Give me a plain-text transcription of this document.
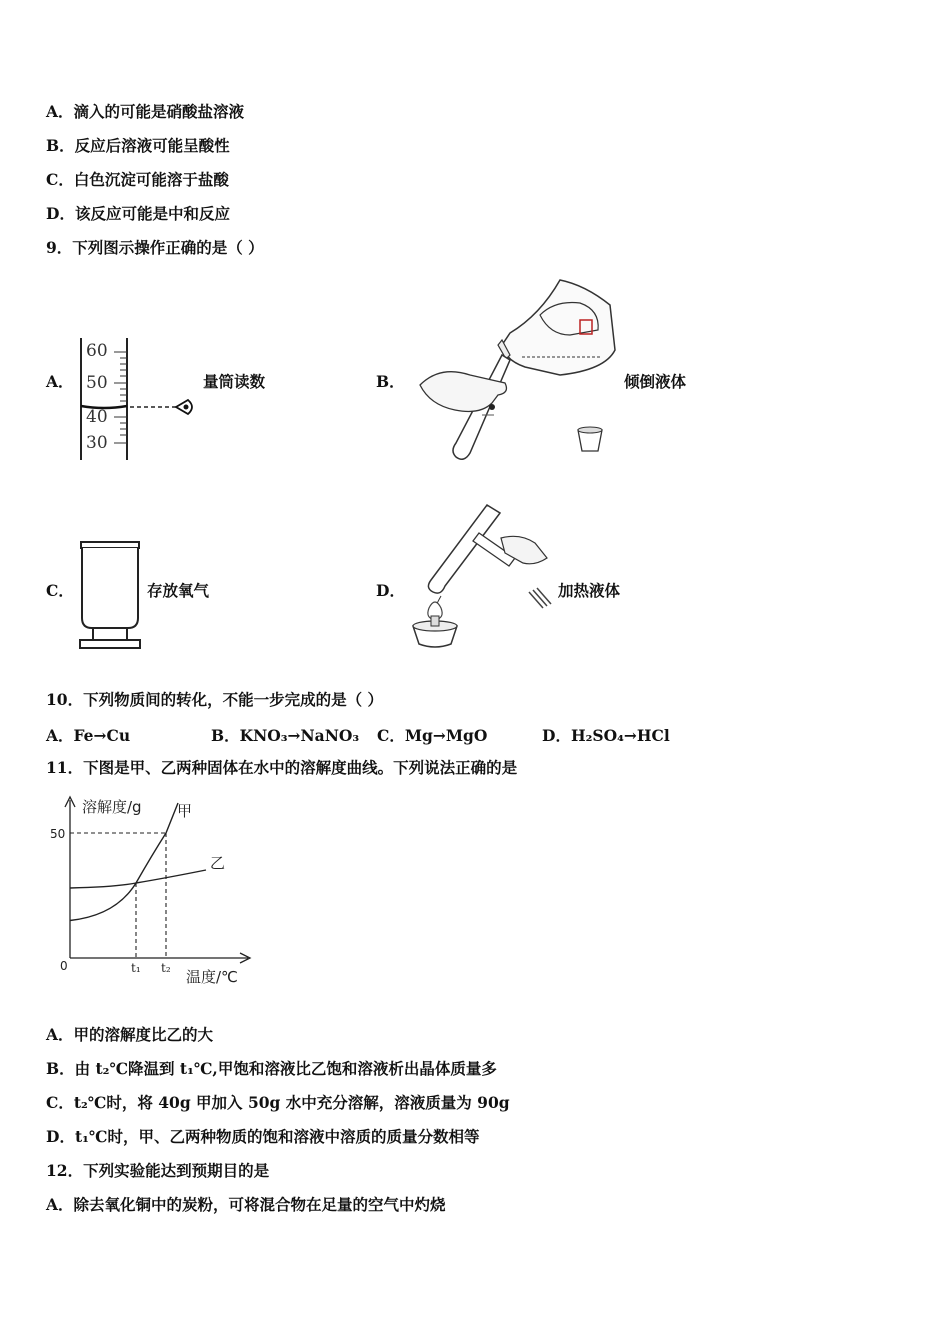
A．滴入的可能是硝酸盐溶液
B．反应后溶液可能呈酸性
C．白色沉淀可能溶于盐酸
D．该反应可能是中和反应
9．下列图示操作正确的是（ ）
A．
60
50
40
30
量筒读数	B．	倾倒液体
C．	存放氧气	D．	加热液体
10．下列物质间的转化，不能一步完成的是（ ）
A．Fe→Cu	B．KNO₃→NaNO₃ C．Mg→MgO	D．H₂SO₄→HCl
11．下图是甲、乙两种固体在水中的溶解度曲线。下列说法正确的是
溶解度/g
温度/℃
0
50
t₁ t₂
甲
乙
A．甲的溶解度比乙的大
B．由 t₂℃降温到 t₁℃,甲饱和溶液比乙饱和溶液析出晶体质量多
C．t₂℃时，将 40g 甲加入 50g 水中充分溶解，溶液质量为 90g
D．t₁℃时，甲、乙两种物质的饱和溶液中溶质的质量分数相等
12．下列实验能达到预期目的是
A．除去氧化铜中的炭粉，可将混合物在足量的空气中灼烧
